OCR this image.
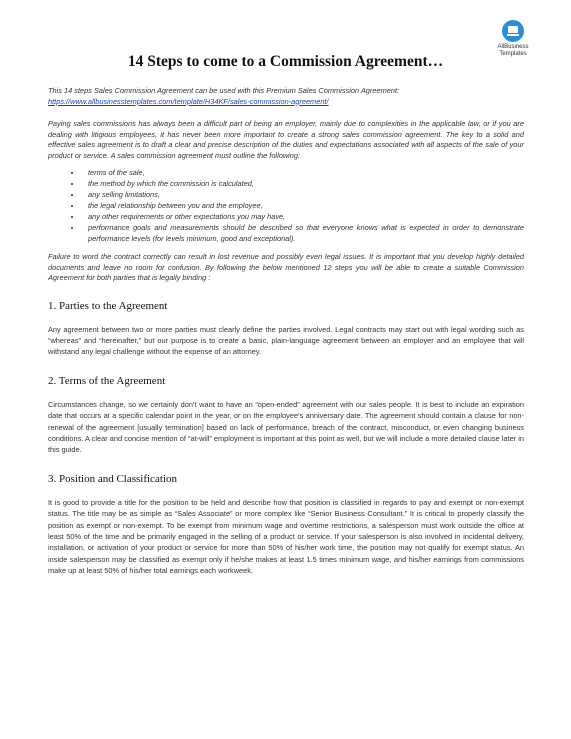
AllBusiness
Templates
14 Steps to come to a Commission Agreement…

This 14 steps Sales Commission Agreement can be used with this Premium Sales Commission Agreement:

https://www.allbusinesstemplates.com/template/H34KF/sales-commission-agreement/

Paying sales commissions has always been a difficult part of being an employer, mainly due to complexities in the applicable law, or if you are dealing with litigious employees, it has never been more important to create a strong sales commission agreement. The key to a solid and effective sales agreement is to draft a clear and precise description of the duties and expectations associated with all aspects of the sale of your product or service. A sales commission agreement must outline the following:

• terms of the sale,
• the method by which the commission is calculated,
• any selling limitations,
• the legal relationship between you and the employee,
• any other requirements or other expectations you may have,
• performance goals and measurements should be described so that everyone knows what is expected in order to demonstrate performance levels (for levels minimum, good and exceptional).

Failure to word the contract correctly can result in lost revenue and possibly even legal issues. It is important that you develop highly detailed documents and leave no room for confusion. By following the below mentioned 12 steps you will be able to create a suitable Commission Agreement for both parties that is legally binding :

1. Parties to the Agreement

Any agreement between two or more parties must clearly define the parties involved. Legal contracts may start out with legal wording such as “whereas” and “hereinafter,” but our purpose is to create a basic, plain-language agreement between an employer and an employee that will withstand any legal challenge without the expense of an attorney.

2. Terms of the Agreement

Circumstances change, so we certainly don’t want to have an “open-ended” agreement with our sales people. It is best to include an expiration date that occurs at a specific calendar point in the year, or on the employee’s anniversary date. The agreement should contain a clause for non-renewal of the agreement [usually termination] based on lack of performance, breach of the contract, misconduct, or even changing business conditions. A clear and concise mention of “at-will” employment is important at this point as well, but we will include a more detailed clause later in this guide.

3. Position and Classification

It is good to provide a title for the position to be held and describe how that position is classified in regards to pay and exempt or non-exempt status. The title may be as simple as “Sales Associate” or more complex like “Senior Business Consultant.” It is critical to properly classify the position as exempt or non-exempt. To be exempt from minimum wage and overtime restrictions, a salesperson must work outside the office at least 50% of the time and be primarily engaged in the selling of a product or service. If your salesperson is also involved in incidental delivery, installation, or activation of your product or service for more than 50% of his/her work time, the position may not qualify for exempt status. An inside salesperson may be classified as exempt only if he/she makes at least 1.5 times minimum wage, and his/her earnings from commissions make up at least 50% of his/her total earnings each workweek.
